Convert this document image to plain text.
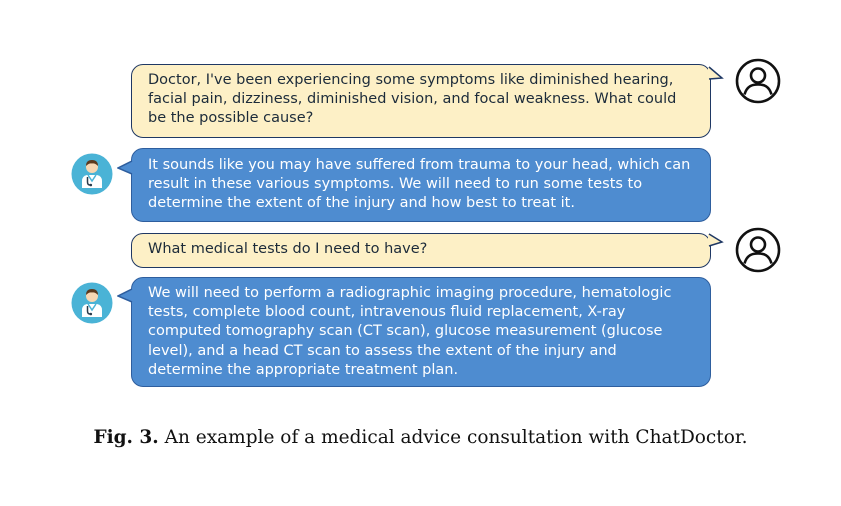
Doctor, I've been experiencing some symptoms like diminished hearing, facial pain, dizziness, diminished vision, and focal weakness. What could be the possible cause?
It sounds like you may have suffered from trauma to your head, which can result in these various symptoms. We will need to run some tests to determine the extent of the injury and how best to treat it.
What medical tests do I need to have?
We will need to perform a radiographic imaging procedure, hematologic tests, complete blood count, intravenous fluid replacement, X-ray computed tomography scan (CT scan), glucose measurement (glucose level), and a head CT scan to assess the extent of the injury and determine the appropriate treatment plan.
Fig. 3. An example of a medical advice consultation with ChatDoctor.
